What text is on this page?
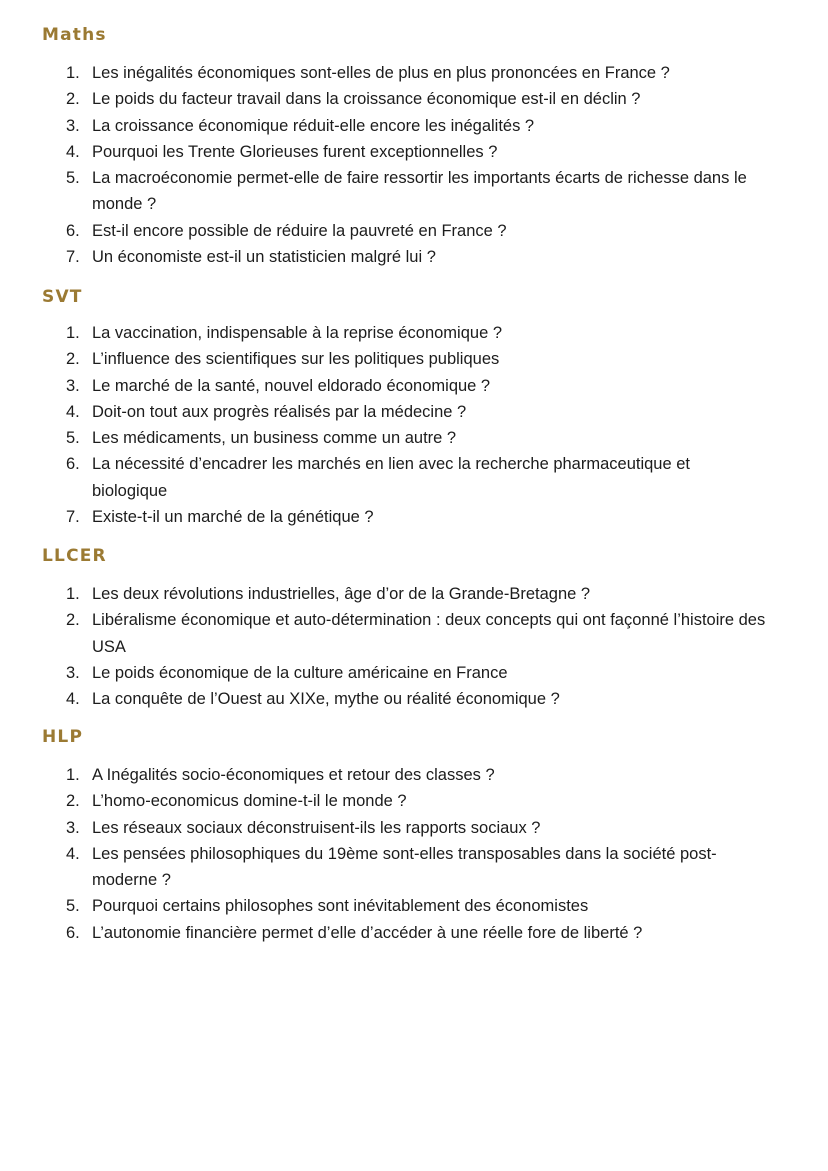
Maths
1. Les inégalités économiques sont-elles de plus en plus prononcées en France ?
2. Le poids du facteur travail dans la croissance économique est-il en déclin ?
3. La croissance économique réduit-elle encore les inégalités ?
4. Pourquoi les Trente Glorieuses furent exceptionnelles ?
5. La macroéconomie permet-elle de faire ressortir les importants écarts de richesse dans le monde ?
6. Est-il encore possible de réduire la pauvreté en France ?
7. Un économiste est-il un statisticien malgré lui ?
SVT
1. La vaccination, indispensable à la reprise économique ?
2. L’influence des scientifiques sur les politiques publiques
3. Le marché de la santé, nouvel eldorado économique ?
4. Doit-on tout aux progrès réalisés par la médecine ?
5. Les médicaments, un business comme un autre ?
6. La nécessité d’encadrer les marchés en lien avec la recherche pharmaceutique et biologique
7. Existe-t-il un marché de la génétique ?
LLCER
1. Les deux révolutions industrielles, âge d’or de la Grande-Bretagne ?
2. Libéralisme économique et auto-détermination : deux concepts qui ont façonné l’histoire des USA
3. Le poids économique de la culture américaine en France
4. La conquête de l’Ouest au XIXe, mythe ou réalité économique ?
HLP
1. A Inégalités socio-économiques et retour des classes ?
2. L’homo-economicus domine-t-il le monde ?
3. Les réseaux sociaux déconstruisent-ils les rapports sociaux ?
4. Les pensées philosophiques du 19ème sont-elles transposables dans la société post-moderne ?
5. Pourquoi certains philosophes sont inévitablement des économistes
6. L’autonomie financière permet d’elle d’accéder à une réelle fore de liberté ?
